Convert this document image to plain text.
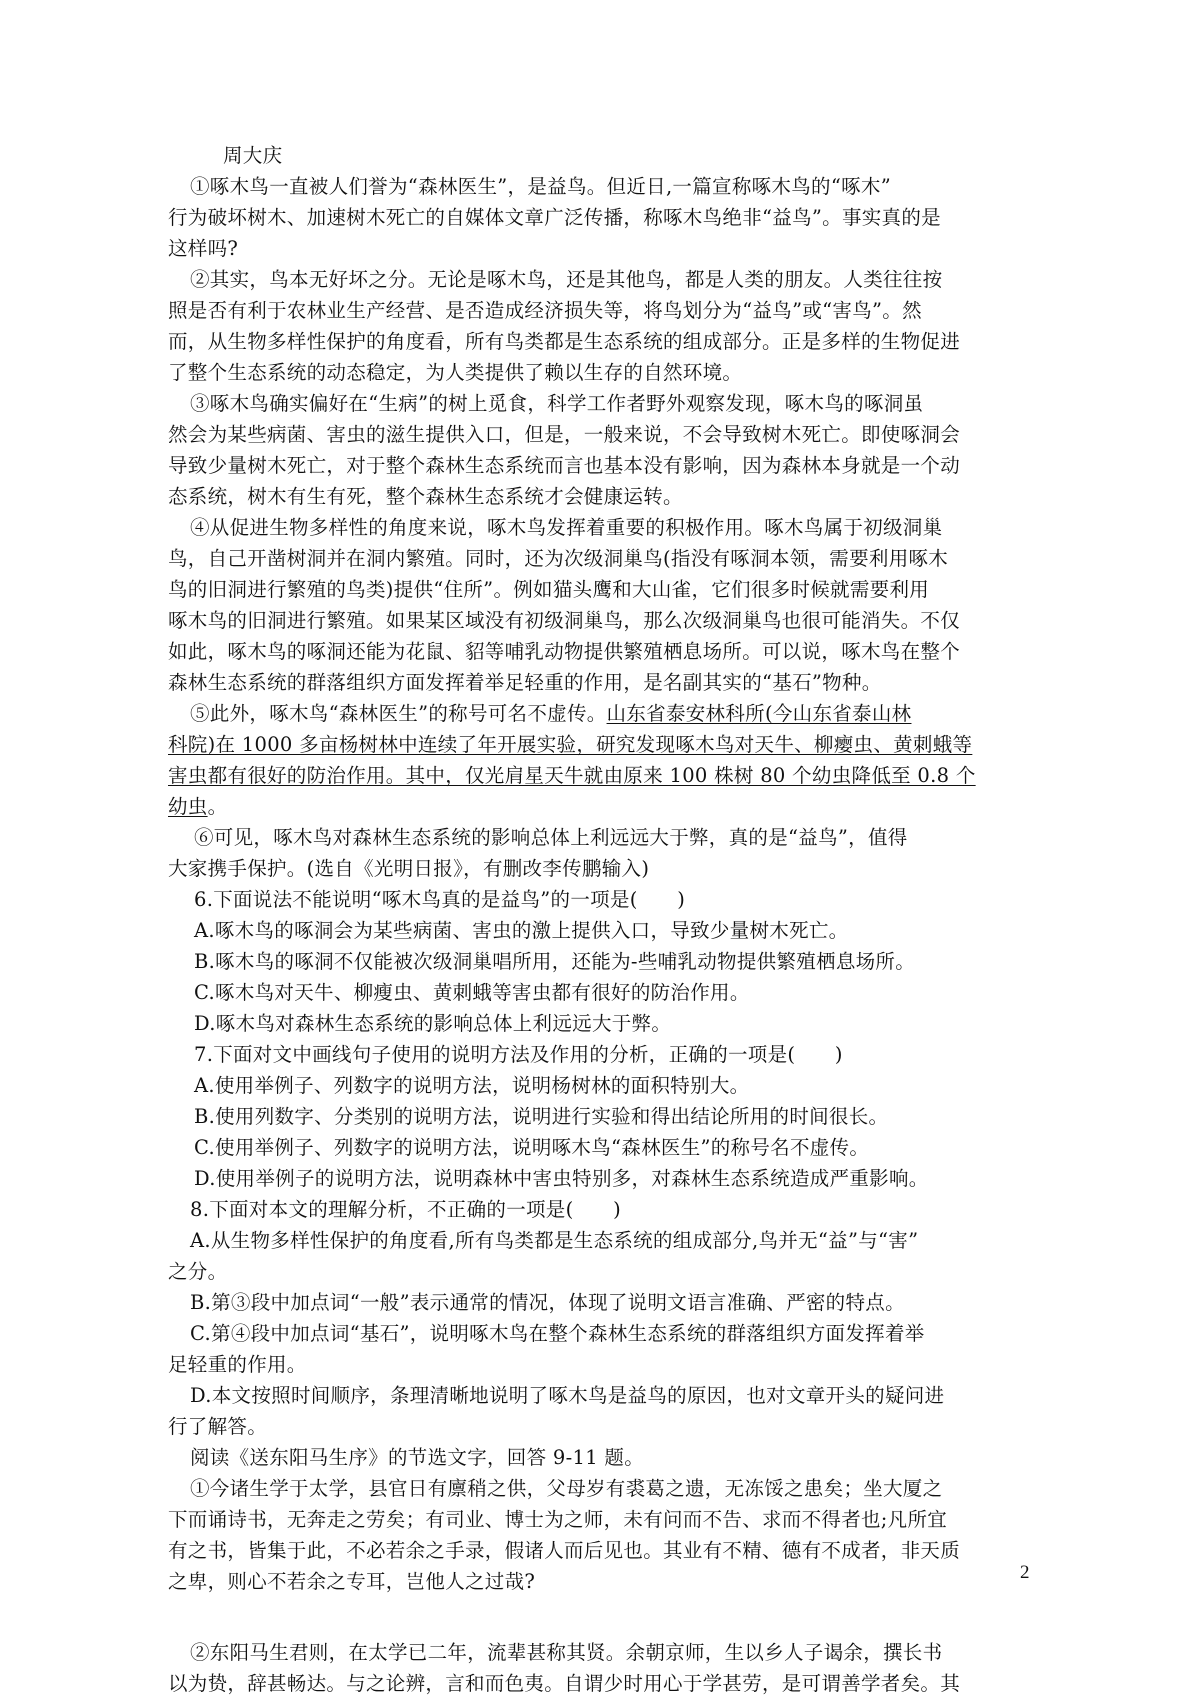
周大庆
①啄木鸟一直被人们誉为“森林医生”，是益鸟。但近日,一篇宣称啄木鸟的“啄木”
行为破坏树木、加速树木死亡的自媒体文章广泛传播，称啄木鸟绝非“益鸟”。事实真的是
这样吗?
②其实，鸟本无好坏之分。无论是啄木鸟，还是其他鸟，都是人类的朋友。人类往往按
照是否有利于农林业生产经营、是否造成经济损失等，将鸟划分为“益鸟”或“害鸟”。然
而，从生物多样性保护的角度看，所有鸟类都是生态系统的组成部分。正是多样的生物促进
了整个生态系统的动态稳定，为人类提供了赖以生存的自然环境。
③啄木鸟确实偏好在“生病”的树上觅食，科学工作者野外观察发现，啄木鸟的啄洞虽
然会为某些病菌、害虫的滋生提供入口，但是，一般来说，不会导致树木死亡。即使啄洞会
导致少量树木死亡，对于整个森林生态系统而言也基本没有影响，因为森林本身就是一个动
态系统，树木有生有死，整个森林生态系统才会健康运转。
④从促进生物多样性的角度来说，啄木鸟发挥着重要的积极作用。啄木鸟属于初级洞巢
鸟，自己开凿树洞并在洞内繁殖。同时，还为次级洞巢鸟(指没有啄洞本领，需要利用啄木
鸟的旧洞进行繁殖的鸟类)提供“住所”。例如猫头鹰和大山雀，它们很多时候就需要利用
啄木鸟的旧洞进行繁殖。如果某区域没有初级洞巢鸟，那么次级洞巢鸟也很可能消失。不仅
如此，啄木鸟的啄洞还能为花鼠、貂等哺乳动物提供繁殖栖息场所。可以说，啄木鸟在整个
森林生态系统的群落组织方面发挥着举足轻重的作用，是名副其实的“基石”物种。
⑤此外，啄木鸟“森林医生”的称号可名不虚传。山东省泰安林科所(今山东省泰山林
科院)在 1000 多亩杨树林中连续了年开展实验，研究发现啄木鸟对天牛、柳瘿虫、黄刺蛾等
害虫都有很好的防治作用。其中，仅光肩星天牛就由原来 100 株树 80 个幼虫降低至 0.8 个
幼虫。
⑥可见，啄木鸟对森林生态系统的影响总体上利远远大于弊，真的是“益鸟”，值得
大家携手保护。(选自《光明日报》，有删改李传鹏输入)
6.下面说法不能说明“啄木鸟真的是益鸟”的一项是(　　)
A.啄木鸟的啄洞会为某些病菌、害虫的激上提供入口，导致少量树木死亡。
B.啄木鸟的啄洞不仅能被次级洞巢唱所用，还能为-些哺乳动物提供繁殖栖息场所。
C.啄木鸟对天牛、柳瘦虫、黄刺蛾等害虫都有很好的防治作用。
D.啄木鸟对森林生态系统的影响总体上利远远大于弊。
7.下面对文中画线句子使用的说明方法及作用的分析，正确的一项是(　　)
A.使用举例子、列数字的说明方法，说明杨树林的面积特别大。
B.使用列数字、分类别的说明方法，说明进行实验和得出结论所用的时间很长。
C.使用举例子、列数字的说明方法，说明啄木鸟“森林医生”的称号名不虚传。
D.使用举例子的说明方法，说明森林中害虫特别多，对森林生态系统造成严重影响。
8.下面对本文的理解分析，不正确的一项是(　　)
A.从生物多样性保护的角度看,所有鸟类都是生态系统的组成部分,鸟并无“益”与“害”
之分。
B.第③段中加点词“一般”表示通常的情况，体现了说明文语言准确、严密的特点。
C.第④段中加点词“基石”，说明啄木鸟在整个森林生态系统的群落组织方面发挥着举
足轻重的作用。
D.本文按照时间顺序，条理清晰地说明了啄木鸟是益鸟的原因，也对文章开头的疑问进
行了解答。
阅读《送东阳马生序》的节选文字，回答 9-11 题。
①今诸生学于太学，县官日有廪稍之供，父母岁有裘葛之遗，无冻馁之患矣；坐大厦之
下而诵诗书，无奔走之劳矣；有司业、博士为之师，未有问而不告、求而不得者也;凡所宜
有之书，皆集于此，不必若余之手录，假诸人而后见也。其业有不精、德有不成者，非天质
之卑，则心不若余之专耳，岂他人之过哉?
②东阳马生君则，在太学已二年，流辈甚称其贤。余朝京师，生以乡人子谒余，撰长书
以为贽，辞甚畅达。与之论辨，言和而色夷。自谓少时用心于学甚劳，是可谓善学者矣。其
2
